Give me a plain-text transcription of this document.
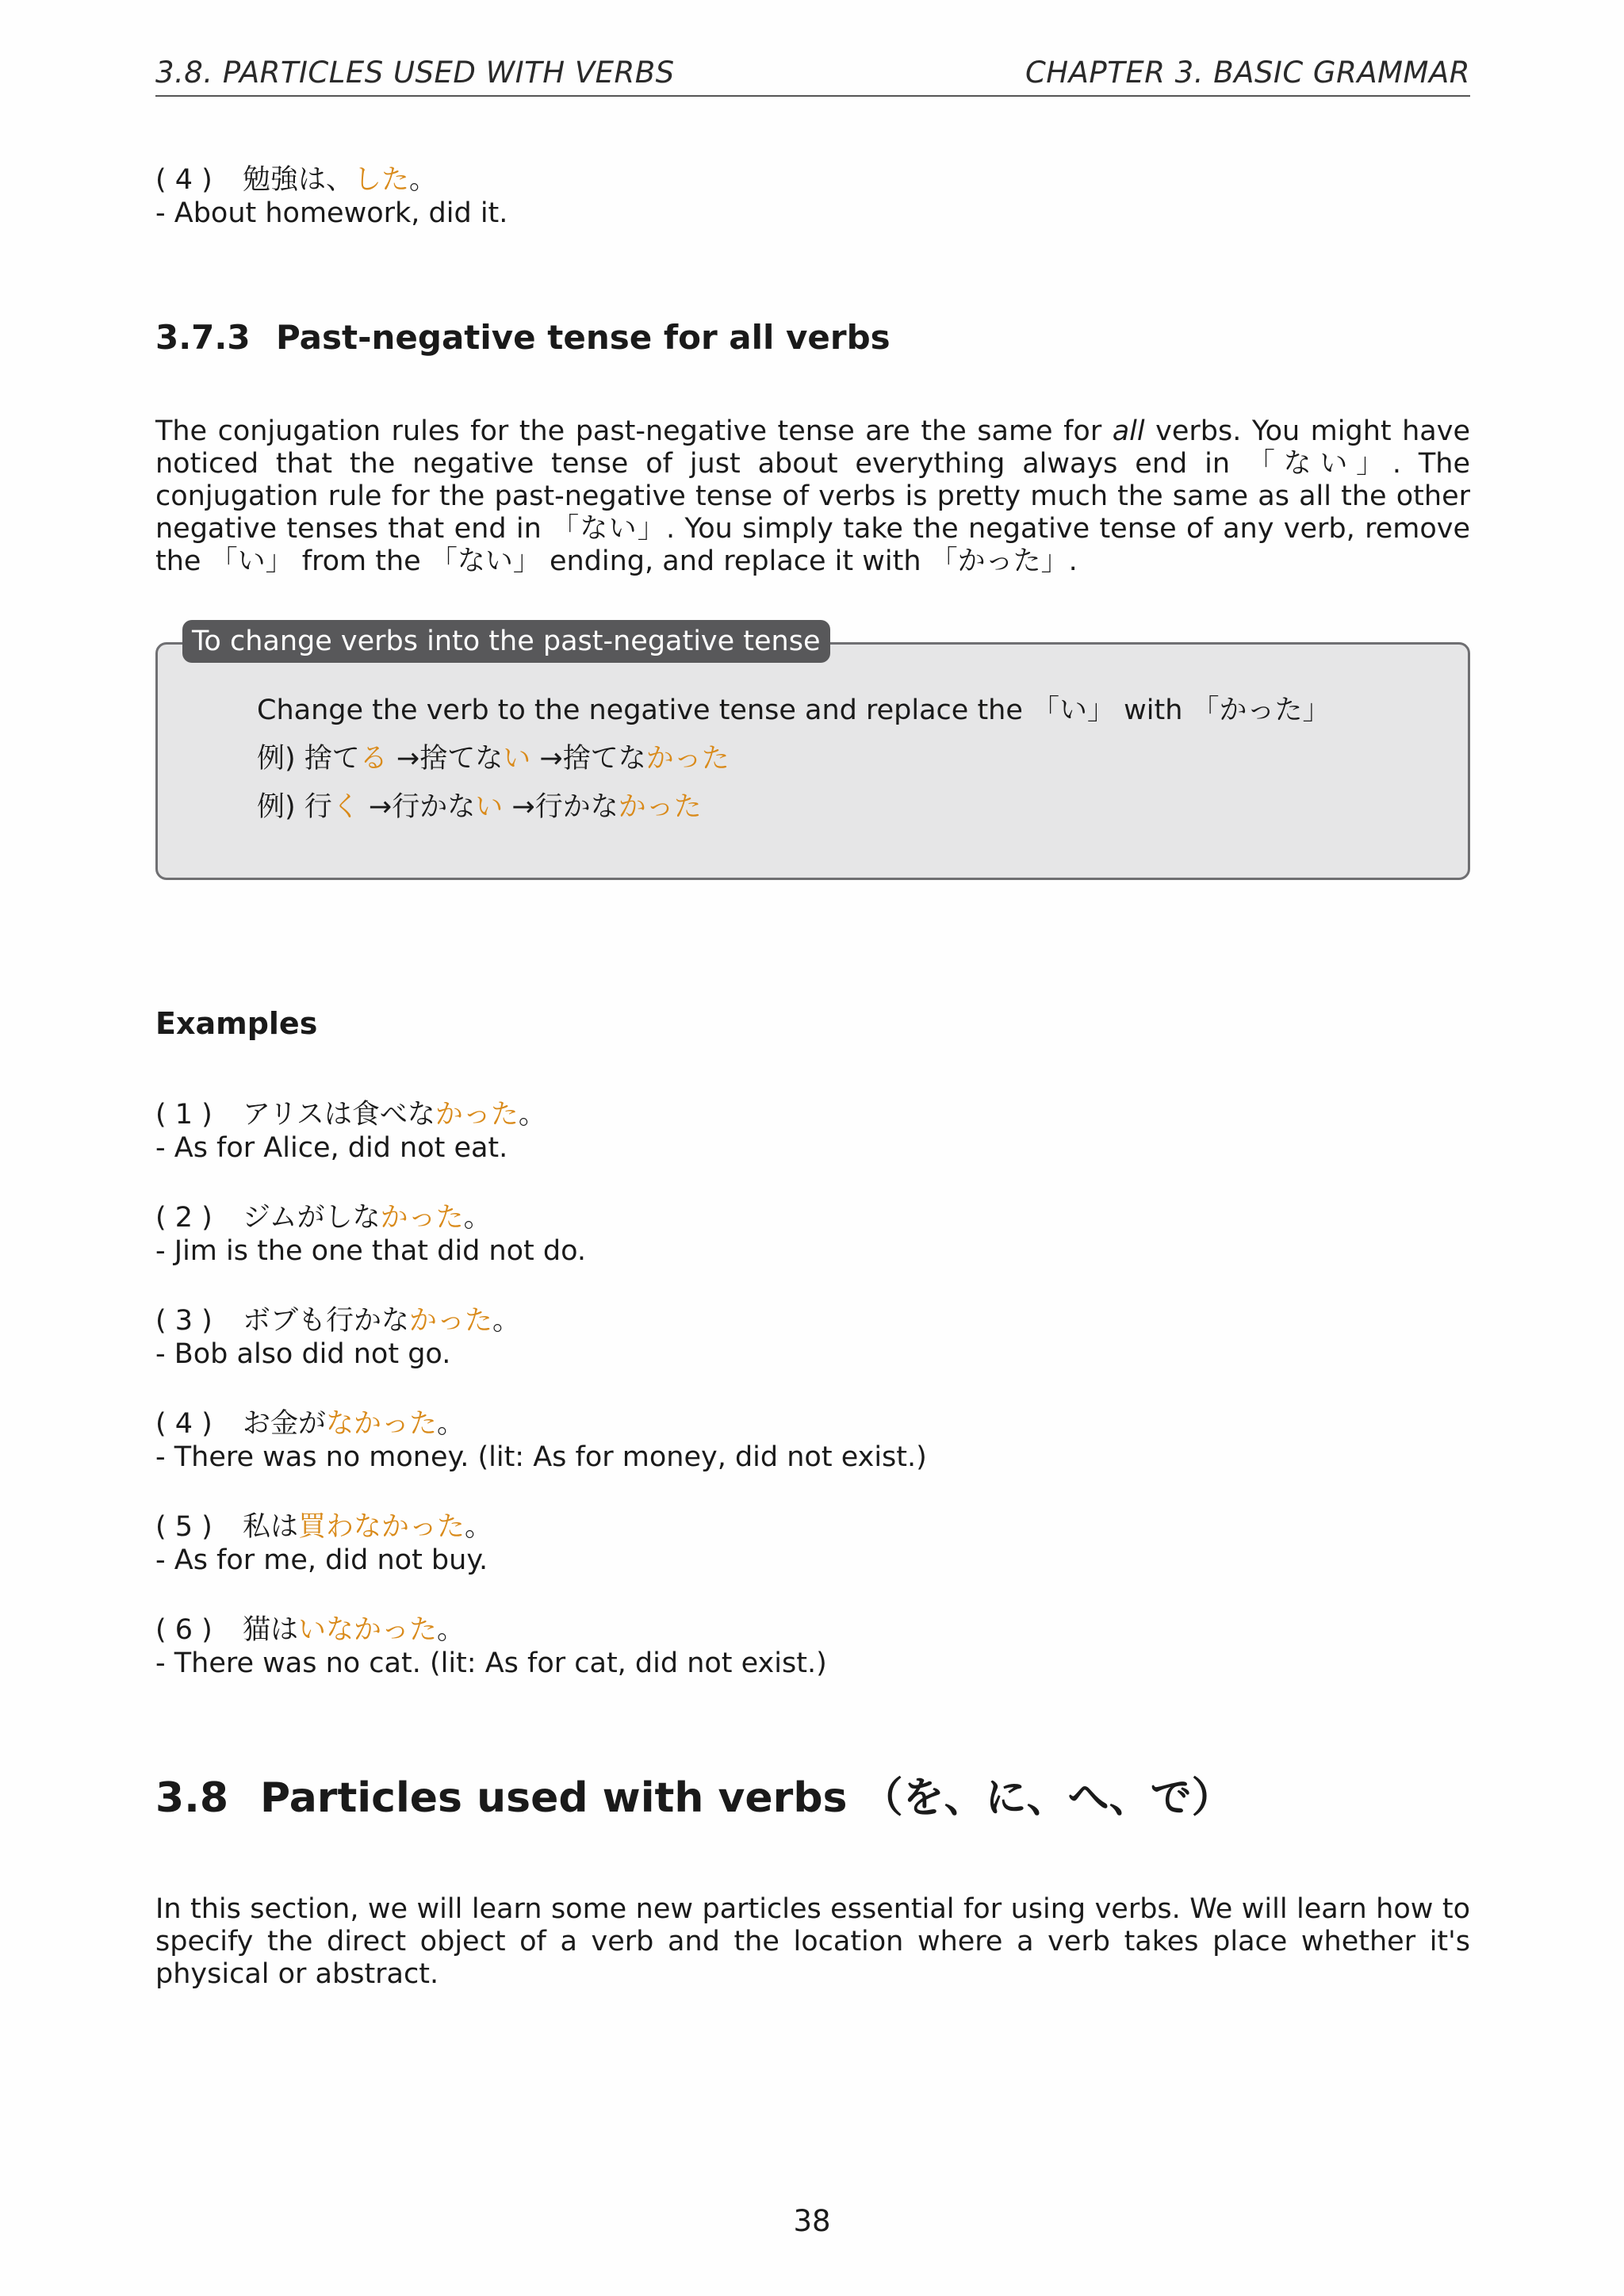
3.8. PARTICLES USED WITH VERBS	CHAPTER 3. BASIC GRAMMAR
( 4 ) 勉強は、した。
- About homework, did it.
3.7.3 Past-negative tense for all verbs

The conjugation rules for the past-negative tense are the same for all verbs. You might have noticed that the negative tense of just about everything always end in 「ない」. The conjugation rule for the past-negative tense of verbs is pretty much the same as all the other negative tenses that end in 「ない」. You simply take the negative tense of any verb, remove the 「い」 from the 「ない」 ending, and replace it with 「かった」.

To change verbs into the past-negative tense
Change the verb to the negative tense and replace the 「い」 with 「かった」
例) 捨てる →捨てない →捨てなかった
例) 行く →行かない →行かなかった
Examples
( 1 ) アリスは食べなかった。
- As for Alice, did not eat.
( 2 ) ジムがしなかった。
- Jim is the one that did not do.
( 3 ) ボブも行かなかった。
- Bob also did not go.
( 4 ) お金がなかった。
- There was no money. (lit: As for money, did not exist.)
( 5 ) 私は買わなかった。
- As for me, did not buy.
( 6 ) 猫はいなかった。
- There was no cat. (lit: As for cat, did not exist.)
3.8 Particles used with verbs （を、に、へ、で）

In this section, we will learn some new particles essential for using verbs. We will learn how to specify the direct object of a verb and the location where a verb takes place whether it's physical or abstract.

38
